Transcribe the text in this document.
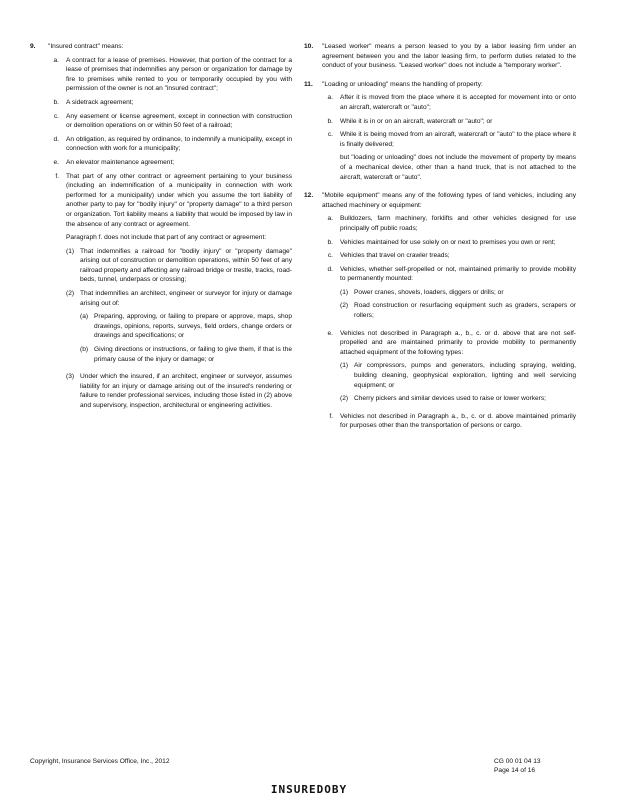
9.	"Insured contract" means:
a.	A contract for a lease of premises. However, that portion of the contract for a lease of premises that indemnifies any person or organization for damage by fire to premises while rented to you or temporarily occupied by you with permission of the owner is not an "insured contract";
b.	A sidetrack agreement;
c.	Any easement or license agreement, except in connection with construction or demolition operations on or within 50 feet of a railroad;
d.	An obligation, as required by ordinance, to indemnify a municipality, except in connection with work for a municipality;
e.	An elevator maintenance agreement;
f.	That part of any other contract or agreement pertaining to your business (including an indemnification of a municipality in connection with work performed for a municipality) under which you assume the tort liability of another party to pay for "bodily injury" or "property damage" to a third person or organization. Tort liability means a liability that would be imposed by law in the absence of any contract or agreement.
Paragraph f. does not include that part of any contract or agreement:
(1) That indemnifies a railroad for "bodily injury" or "property damage" arising out of construction or demolition operations, within 50 feet of any railroad property and affecting any railroad bridge or trestle, tracks, road-beds, tunnel, underpass or crossing;
(2) That indemnifies an architect, engineer or surveyor for injury or damage arising out of:
(a) Preparing, approving, or failing to prepare or approve, maps, shop drawings, opinions, reports, surveys, field orders, change orders or drawings and specifications; or
(b) Giving directions or instructions, or failing to give them, if that is the primary cause of the injury or damage; or
(3) Under which the insured, if an architect, engineer or surveyor, assumes liability for an injury or damage arising out of the insured's rendering or failure to render professional services, including those listed in (2) above and supervisory, inspection, architectural or engineering activities.
10.	"Leased worker" means a person leased to you by a labor leasing firm under an agreement between you and the labor leasing firm, to perform duties related to the conduct of your business. "Leased worker" does not include a "temporary worker".
11.	"Loading or unloading" means the handling of property:
a.	After it is moved from the place where it is accepted for movement into or onto an aircraft, watercraft or "auto";
b.	While it is in or on an aircraft, watercraft or "auto"; or
c.	While it is being moved from an aircraft, watercraft or "auto" to the place where it is finally delivered;
but "loading or unloading" does not include the movement of property by means of a mechanical device, other than a hand truck, that is not attached to the aircraft, watercraft or "auto".
12.	"Mobile equipment" means any of the following types of land vehicles, including any attached machinery or equipment:
a.	Bulldozers, farm machinery, forklifts and other vehicles designed for use principally off public roads;
b.	Vehicles maintained for use solely on or next to premises you own or rent;
c.	Vehicles that travel on crawler treads;
d.	Vehicles, whether self-propelled or not, maintained primarily to provide mobility to permanently mounted:
(1) Power cranes, shovels, loaders, diggers or drills; or
(2) Road construction or resurfacing equipment such as graders, scrapers or rollers;
e.	Vehicles not described in Paragraph a., b., c. or d. above that are not self-propelled and are maintained primarily to provide mobility to permanently attached equipment of the following types:
(1) Air compressors, pumps and generators, including spraying, welding, building cleaning, geophysical exploration, lighting and well servicing equipment; or
(2) Cherry pickers and similar devices used to raise or lower workers;
f.	Vehicles not described in Paragraph a., b., c. or d. above maintained primarily for purposes other than the transportation of persons or cargo.
Copyright, Insurance Services Office, Inc., 2012	CG 00 01 04 13
Page 14 of 16
INSUREDOBY
